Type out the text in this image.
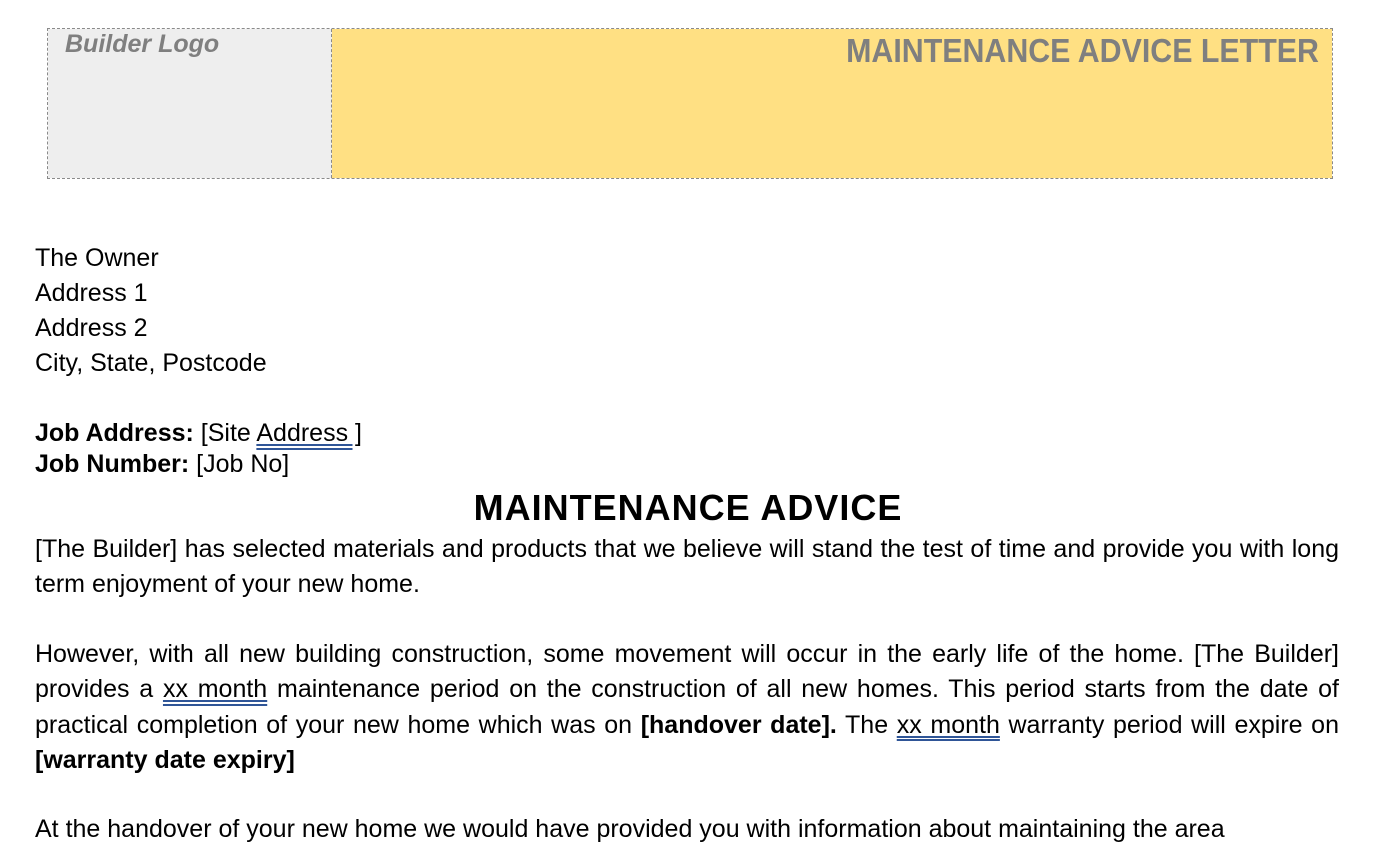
Builder Logo	MAINTENANCE ADVICE LETTER
The Owner
Address 1
Address 2
City, State, Postcode
Job Address: [Site Address ]
Job Number: [Job No]
MAINTENANCE ADVICE
[The Builder] has selected materials and products that we believe will stand the test of time and provide you with long term enjoyment of your new home.
However, with all new building construction, some movement will occur in the early life of the home. [The Builder] provides a xx month maintenance period on the construction of all new homes. This period starts from the date of practical completion of your new home which was on [handover date]. The xx month warranty period will expire on [warranty date expiry]
At the handover of your new home we would have provided you with information about maintaining the area
